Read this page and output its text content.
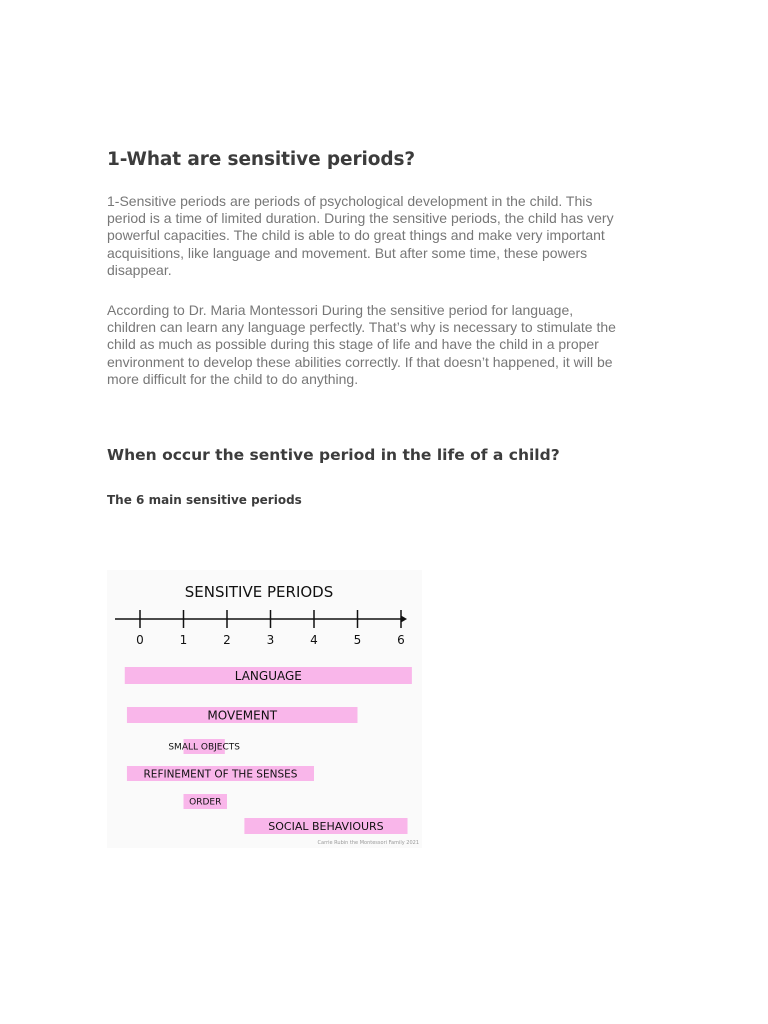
1-What are sensitive periods?
1-Sensitive periods are periods of psychological development in the child. This
period is a time of limited duration. During the sensitive periods, the child has very
powerful capacities. The child is able to do great things and make very important
acquisitions, like language and movement. But after some time, these powers
disappear.
According to Dr. Maria Montessori During the sensitive period for language,
children can learn any language perfectly. That’s why is necessary to stimulate the
child as much as possible during this stage of life and have the child in a proper
environment to develop these abilities correctly. If that doesn’t happened, it will be
more difficult for the child to do anything.
When occur the sentive period in the life of a child?
The 6 main sensitive periods
SENSITIVE PERIODS
0	1	2	3	4	5	6
LANGUAGE
MOVEMENT
SMALL OBJECTS
REFINEMENT OF THE SENSES
ORDER
SOCIAL BEHAVIOURS
Carrie Rubin the Montessori Family 2021
